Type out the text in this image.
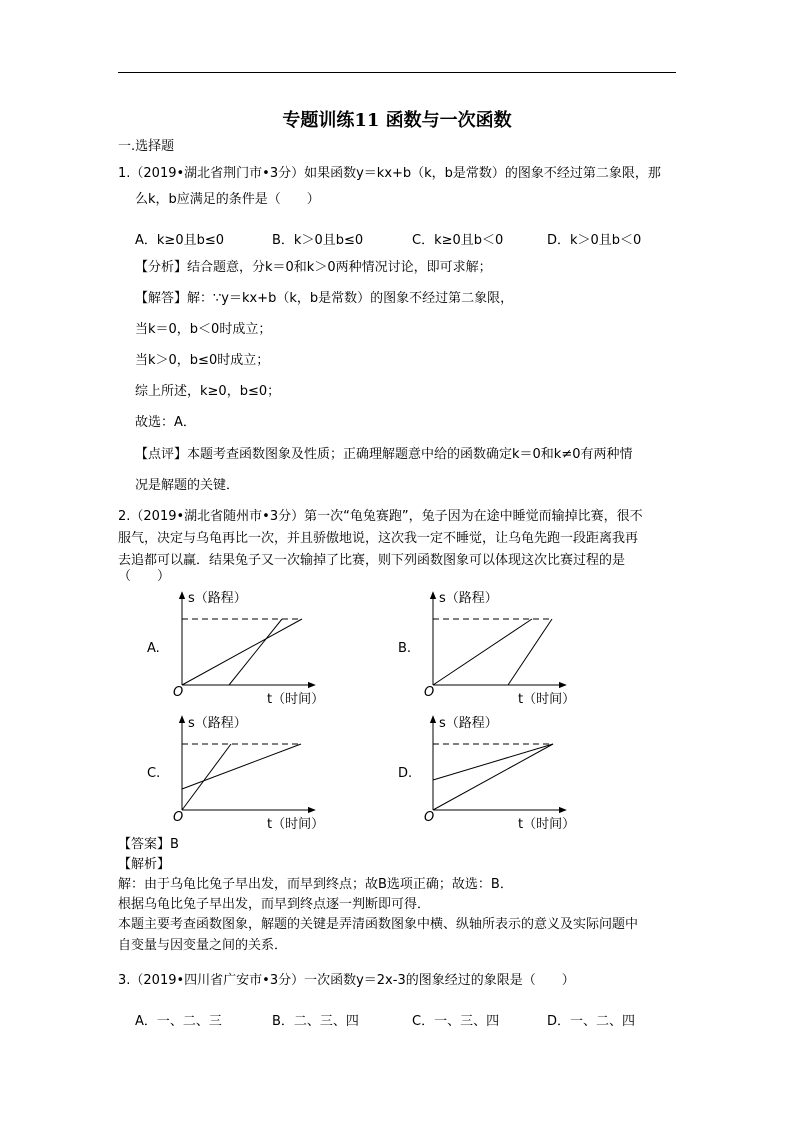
专题训练11 函数与一次函数
一.选择题
1.（2019•湖北省荆门市•3分）如果函数y＝kx+b（k，b是常数）的图象不经过第二象限，那
么k，b应满足的条件是（　　）
A．k≥0且b≤0	B．k＞0且b≤0	C．k≥0且b＜0	D．k＞0且b＜0
【分析】结合题意，分k＝0和k＞0两种情况讨论，即可求解；
【解答】解：∵y＝kx+b（k，b是常数）的图象不经过第二象限，
当k＝0，b＜0时成立；
当k＞0，b≤0时成立；
综上所述，k≥0，b≤0；
故选：A．
【点评】本题考查函数图象及性质；正确理解题意中给的函数确定k＝0和k≠0有两种情
况是解题的关键．
2.（2019•湖北省随州市•3分）第一次“龟兔赛跑”，兔子因为在途中睡觉而输掉比赛，很不
服气，决定与乌龟再比一次，并且骄傲地说，这次我一定不睡觉，让乌龟先跑一段距离我再
去追都可以赢．结果兔子又一次输掉了比赛，则下列函数图象可以体现这次比赛过程的是
（　　）
s（路程）	s（路程）
s（路程）	s（路程）
t（时间）	t（时间）
t（时间）	t（时间）
O	O
O	O
A.	B.
C.	D.
【答案】B
【解析】
解：由于乌龟比兔子早出发，而早到终点；故B选项正确；故选：B．
根据乌龟比兔子早出发，而早到终点逐一判断即可得．
本题主要考查函数图象，解题的关键是弄清函数图象中横、纵轴所表示的意义及实际问题中
自变量与因变量之间的关系．
3.（2019•四川省广安市•3分）一次函数y＝2x-3的图象经过的象限是（　　）
A．一、二、三	B．二、三、四	C．一、三、四	D．一、二、四
